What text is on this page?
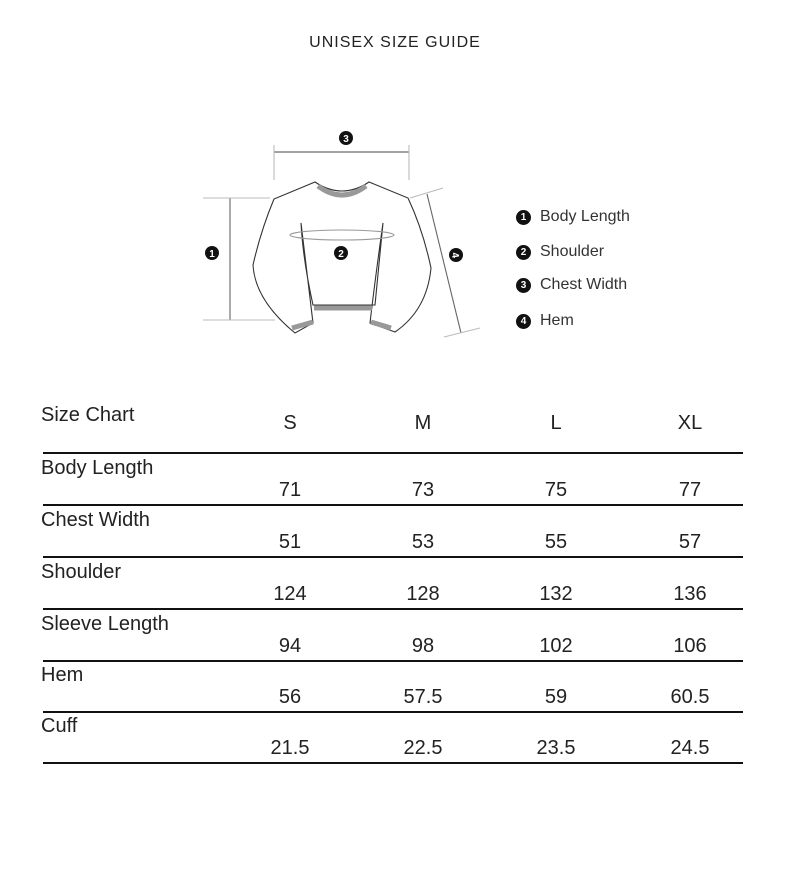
UNISEX SIZE GUIDE
3
1	2	4
1 Body Length
2 Shoulder
3 Chest Width
4 Hem
Size Chart	S	M	L	XL
Body Length
71	73	75	77
Chest Width
51	53	55	57
Shoulder
124	128	132	136
Sleeve Length
94	98	102	106
Hem
56	57.5	59	60.5
Cuff
21.5	22.5	23.5	24.5
